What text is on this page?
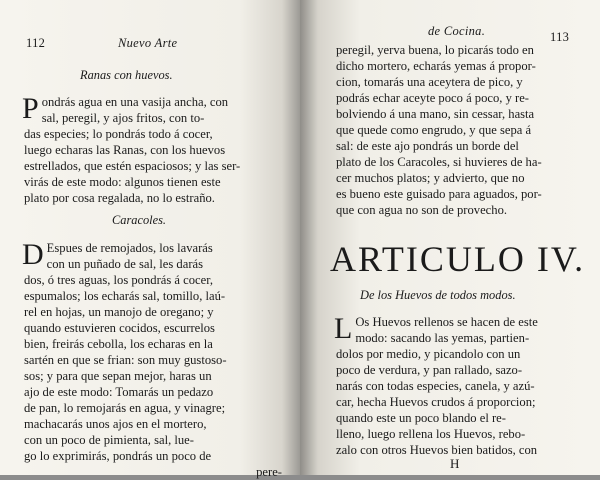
112	Nuevo Arte
Ranas con huevos.
P ondrás agua en una vasija ancha, con
sal, peregil, y ajos fritos, con to-
das especies; lo pondrás todo á cocer,
luego echaras las Ranas, con los huevos
estrellados, que estén espaciosos; y las ser-
virás de este modo: algunos tienen este
plato por cosa regalada, no lo estraño.
Caracoles.
D Espues de remojados, los lavarás
con un puñado de sal, les darás
dos, ó tres aguas, los pondrás á cocer,
espumalos; los echarás sal, tomillo, laú-
rel en hojas, un manojo de oregano; y
quando estuvieren cocidos, escurrelos
bien, freirás cebolla, los echaras en la
sartén en que se frian: son muy gustoso-
sos; y para que sepan mejor, haras un
ajo de este modo: Tomarás un pedazo
de pan, lo remojarás en agua, y vinagre;
machacarás unos ajos en el mortero,
con un poco de pimienta, sal, lue-
go lo exprimirás, pondrás un poco de
pere-
de Cocina.	113
peregil, yerva buena, lo picarás todo en
dicho mortero, echarás yemas á propor-
cion, tomarás una aceytera de pico, y
podrás echar aceyte poco á poco, y re-
bolviendo á una mano, sin cessar, hasta
que quede como engrudo, y que sepa á
sal: de este ajo pondrás un borde del
plato de los Caracoles, si huvieres de ha-
cer muchos platos; y advierto, que no
es bueno este guisado para aguados, por-
que con agua no son de provecho.
ARTICULO IV.
De los Huevos de todos modos.
L Os Huevos rellenos se hacen de este
modo: sacando las yemas, partien-
dolos por medio, y picandolo con un
poco de verdura, y pan rallado, sazo-
narás con todas especies, canela, y azú-
car, hecha Huevos crudos á proporcion;
quando este un poco blando el re-
lleno, luego rellena los Huevos, rebo-
zalo con otros Huevos bien batidos, con
H
